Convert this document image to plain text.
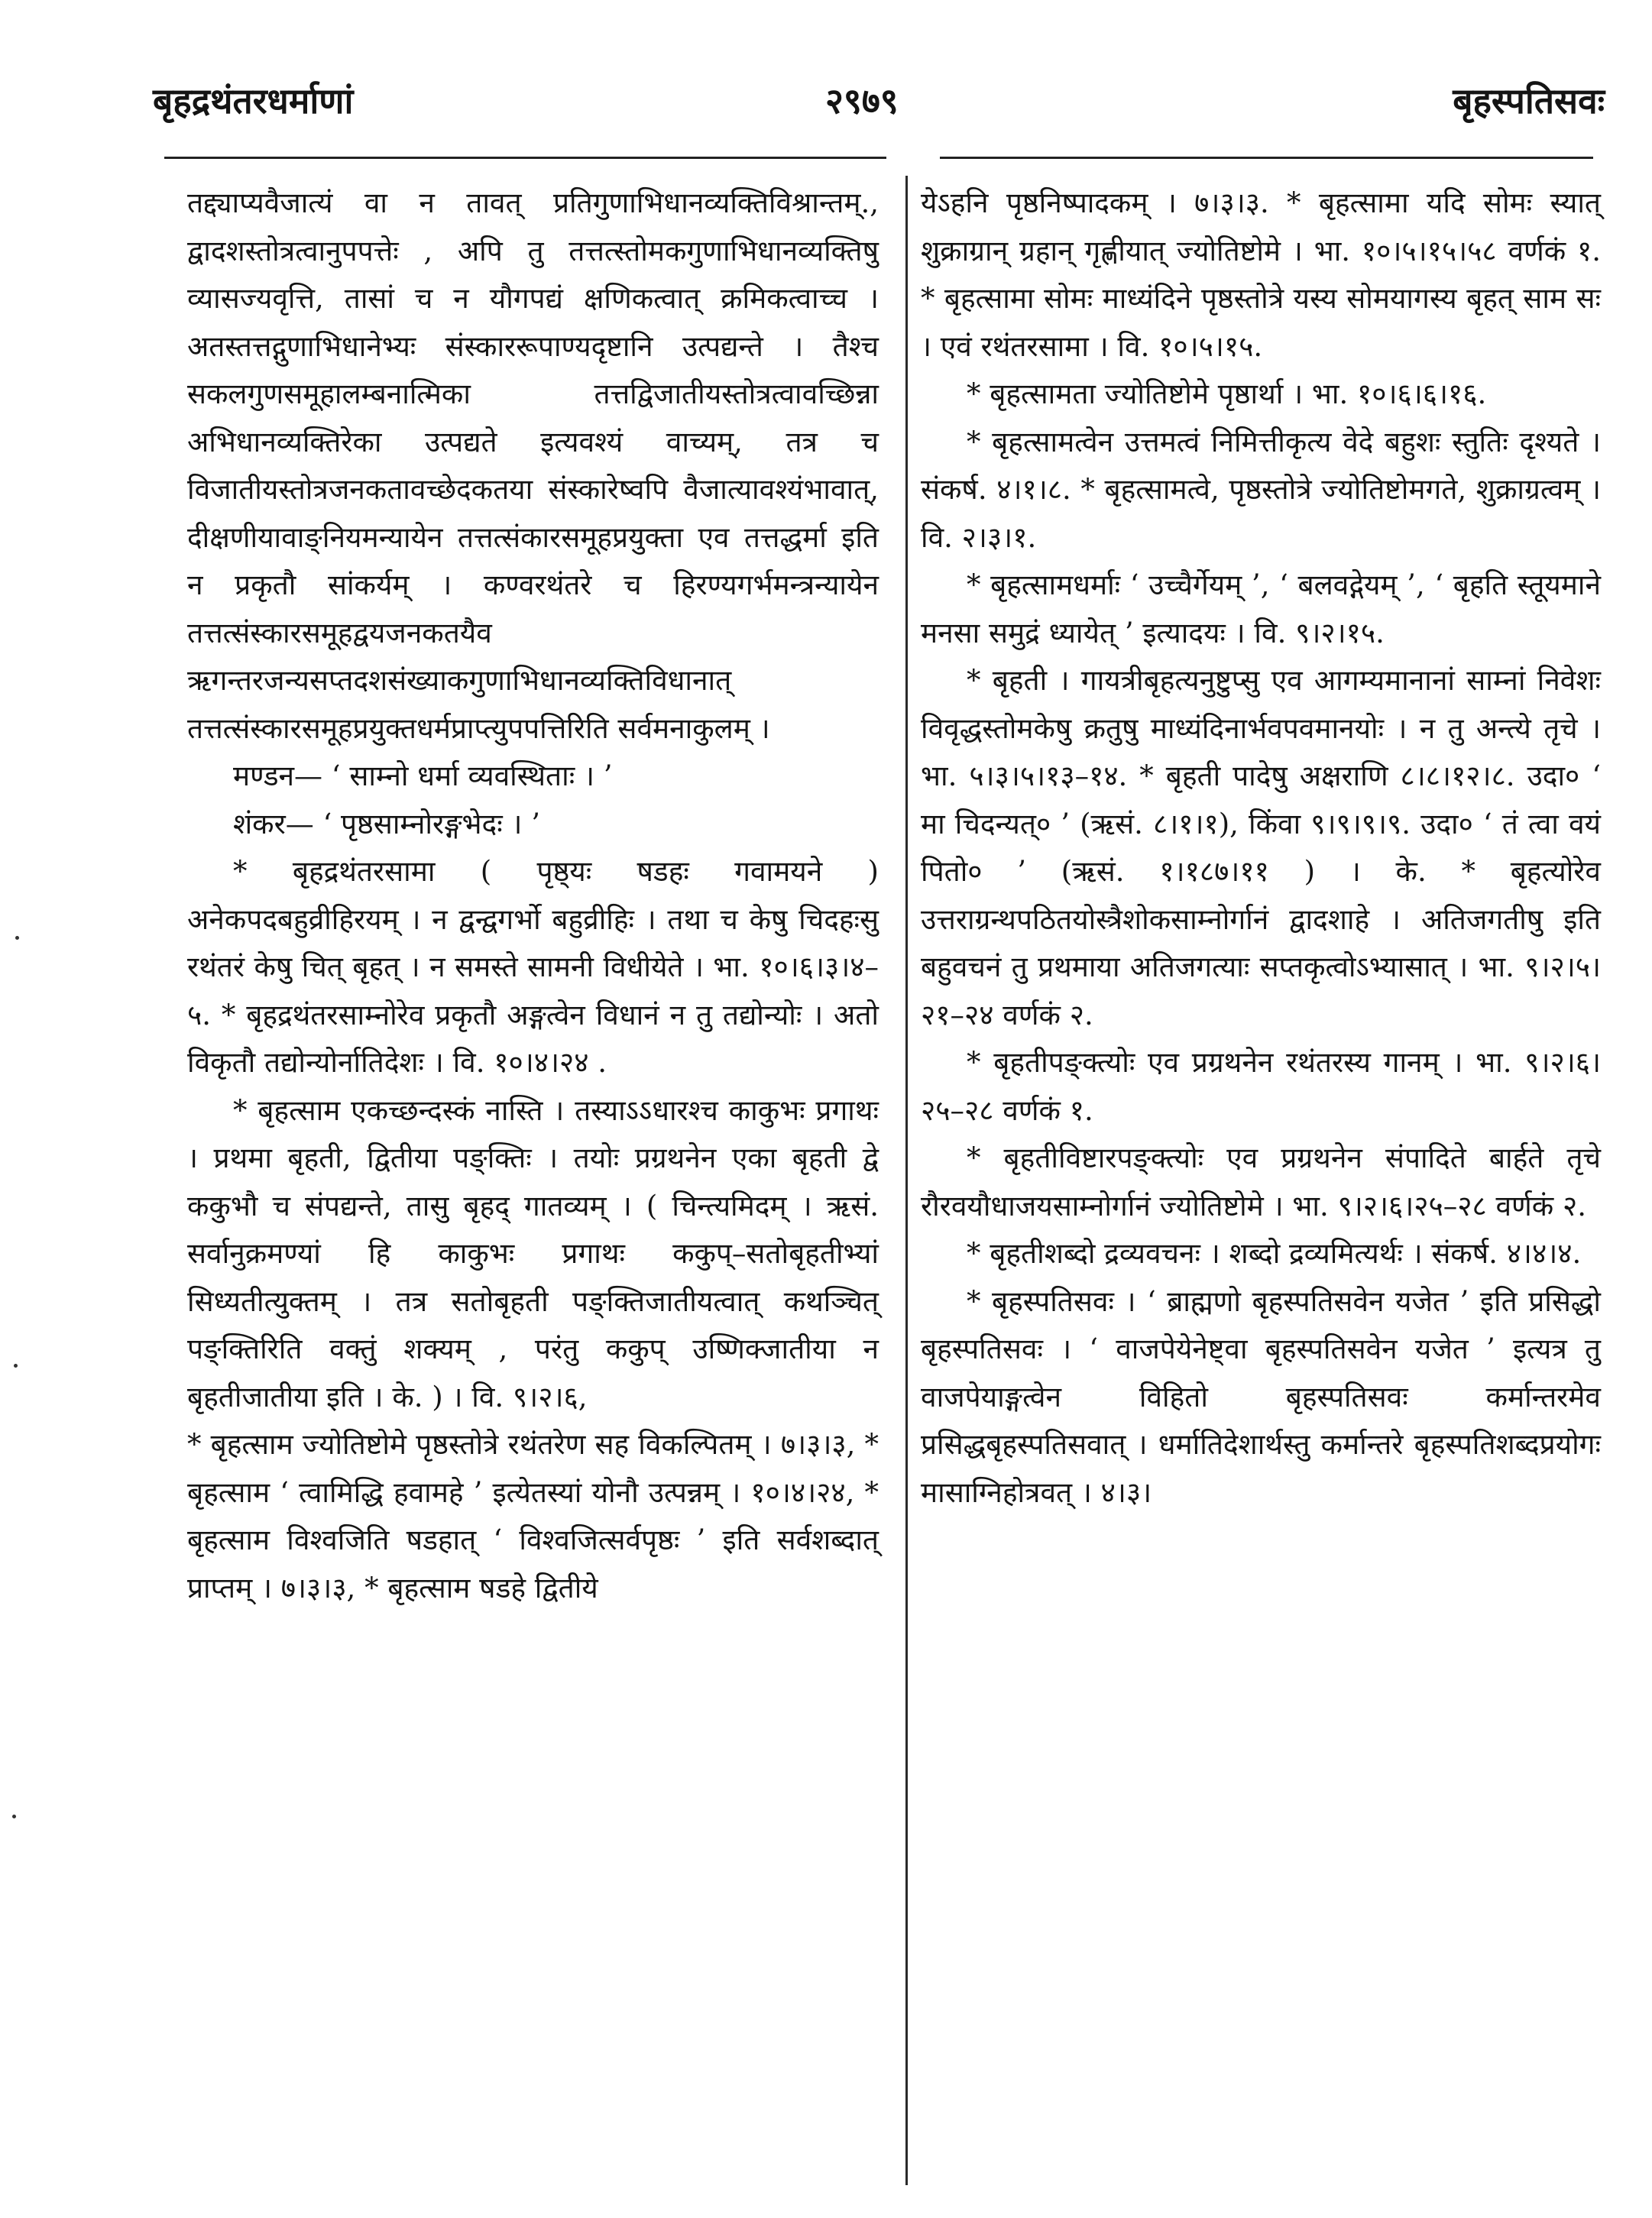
बृहद्रथंतरधर्माणां	२९७९	बृहस्पतिसवः

तद्द्याप्यवैजात्यं वा न तावत् प्रतिगुणाभिधानव्यक्तिविश्रान्तम्., द्वादशस्तोत्रत्वानुपपत्तेः , अपि तु तत्तत्स्तोमकगुणाभिधानव्यक्तिषु व्यासज्यवृत्ति, तासां च न यौगपद्यं क्षणिकत्वात् क्रमिकत्वाच्च । अतस्तत्तद्गुणाभिधानेभ्यः संस्काररूपाण्यदृष्टानि उत्पद्यन्ते । तैश्च सकलगुणसमूहालम्बनात्मिका तत्तद्विजातीयस्तोत्रत्वावच्छिन्ना अभिधानव्यक्तिरेका उत्पद्यते इत्यवश्यं वाच्यम्, तत्र च विजातीयस्तोत्रजनकतावच्छेदकतया संस्कारेष्वपि वैजात्यावश्यंभावात्, दीक्षणीयावाङ्नियमन्यायेन तत्तत्संकारसमूहप्रयुक्ता एव तत्तद्धर्मा इति न प्रकृतौ सांकर्यम् । कण्वरथंतरे च हिरण्यगर्भमन्त्रन्यायेन तत्तत्संस्कारसमूहद्वयजनकतयैव ऋगन्तरजन्यसप्तदशसंख्याकगुणाभिधानव्यक्तिविधानात् तत्तत्संस्कारसमूहप्रयुक्तधर्मप्राप्त्युपपत्तिरिति सर्वमनाकुलम् ।

मण्डन— ‘ साम्नो धर्मा व्यवस्थिताः । ’

शंकर— ‘ पृष्ठसाम्नोरङ्गभेदः । ’

* बृहद्रथंतरसामा ( पृष्ठ्यः षडहः गवामयने ) अनेकपदबहुव्रीहिरयम् । न द्वन्द्वगर्भो बहुव्रीहिः । तथा च केषु चिदहःसु रथंतरं केषु चित् बृहत् । न समस्ते सामनी विधीयेते । भा. १०।६।३।४–५. * बृहद्रथंतरसाम्नोरेव प्रकृतौ अङ्गत्वेन विधानं न तु तद्योन्योः । अतो विकृतौ तद्योन्योर्नातिदेशः । वि. १०।४।२४ .

* बृहत्साम एकच्छन्दस्कं नास्ति । तस्याऽऽधारश्च काकुभः प्रगाथः । प्रथमा बृहती, द्वितीया पङ्क्तिः । तयोः प्रग्रथनेन एका बृहती द्वे ककुभौ च संपद्यन्ते, तासु बृहद् गातव्यम् । ( चिन्त्यमिदम् । ऋसं. सर्वानुक्रमण्यां हि काकुभः प्रगाथः ककुप्–सतोबृहतीभ्यां सिध्यतीत्युक्तम् । तत्र सतोबृहती पङ्क्तिजातीयत्वात् कथञ्चित् पङ्क्तिरिति वक्तुं शक्यम् , परंतु ककुप् उष्णिक्जातीया न बृहतीजातीया इति । के. ) । वि. ९।२।६,

* बृहत्साम ज्योतिष्टोमे पृष्ठस्तोत्रे रथंतरेण सह विकल्पितम् । ७।३।३, * बृहत्साम ‘ त्वामिद्धि हवामहे ’ इत्येतस्यां योनौ उत्पन्नम् । १०।४।२४, * बृहत्साम विश्वजिति षडहात् ‘ विश्वजित्सर्वपृष्ठः ’ इति सर्वशब्दात् प्राप्तम् । ७।३।३, * बृहत्साम षडहे द्वितीये

येऽहनि पृष्ठनिष्पादकम् । ७।३।३. * बृहत्सामा यदि सोमः स्यात् शुक्राग्रान् ग्रहान् गृह्णीयात् ज्योतिष्टोमे । भा. १०।५।१५।५८ वर्णकं १. * बृहत्सामा सोमः माध्यंदिने पृष्ठस्तोत्रे यस्य सोमयागस्य बृहत् साम सः । एवं रथंतरसामा । वि. १०।५।१५.

* बृहत्सामता ज्योतिष्टोमे पृष्ठार्था । भा. १०।६।६।१६.

* बृहत्सामत्वेन उत्तमत्वं निमित्तीकृत्य वेदे बहुशः स्तुतिः दृश्यते । संकर्ष. ४।१।८. * बृहत्सामत्वे, पृष्ठस्तोत्रे ज्योतिष्टोमगते, शुक्राग्रत्वम् । वि. २।३।१.

* बृहत्सामधर्माः ‘ उच्चैर्गेयम् ’, ‘ बलवद्गेयम् ’, ‘ बृहति स्तूयमाने मनसा समुद्रं ध्यायेत् ’ इत्यादयः । वि. ९।२।१५.

* बृहती । गायत्रीबृहत्यनुष्टुप्सु एव आगम्यमानानां साम्नां निवेशः विवृद्धस्तोमकेषु क्रतुषु माध्यंदिनार्भवपवमानयोः । न तु अन्त्ये तृचे । भा. ५।३।५।१३–१४. * बृहती पादेषु अक्षराणि ८।८।१२।८. उदा० ‘ मा चिदन्यत्० ’ (ऋसं. ८।१।१), किंवा ९।९।९।९. उदा० ‘ तं त्वा वयं पितो० ’ (ऋसं. १।१८७।११ ) । के. * बृहत्योरेव उत्तराग्रन्थपठितयोस्त्रैशोकसाम्नोर्गानं द्वादशाहे । अतिजगतीषु इति बहुवचनं तु प्रथमाया अतिजगत्याः सप्तकृत्वोऽभ्यासात् । भा. ९।२।५।२१–२४ वर्णकं २.

* बृहतीपङ्क्त्योः एव प्रग्रथनेन रथंतरस्य गानम् । भा. ९।२।६।२५–२८ वर्णकं १.

* बृहतीविष्टारपङ्क्त्योः एव प्रग्रथनेन संपादिते बार्हते तृचे रौरवयौधाजयसाम्नोर्गानं ज्योतिष्टोमे । भा. ९।२।६।२५–२८ वर्णकं २.

* बृहतीशब्दो द्रव्यवचनः । शब्दो द्रव्यमित्यर्थः । संकर्ष. ४।४।४.

* बृहस्पतिसवः । ‘ ब्राह्मणो बृहस्पतिसवेन यजेत ’ इति प्रसिद्धो बृहस्पतिसवः । ‘ वाजपेयेनेष्ट्वा बृहस्पतिसवेन यजेत ’ इत्यत्र तु वाजपेयाङ्गत्वेन विहितो बृहस्पतिसवः कर्मान्तरमेव प्रसिद्धबृहस्पतिसवात् । धर्मातिदेशार्थस्तु कर्मान्तरे बृहस्पतिशब्दप्रयोगः मासाग्निहोत्रवत् । ४।३।
